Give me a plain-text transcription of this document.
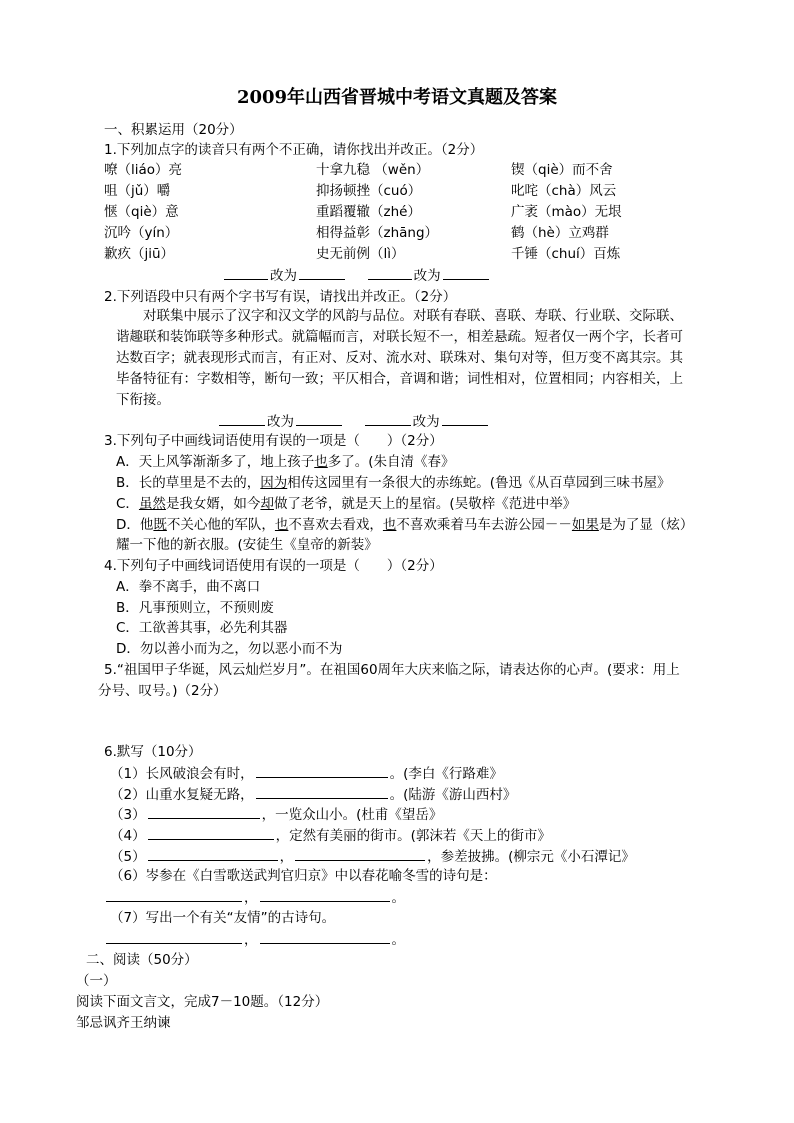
2009年山西省晋城中考语文真题及答案
一、积累运用（20分）
1.下列加点字的读音只有两个不正确，请你找出并改正。（2分）
嘹（liáo）亮	十拿九稳 （wěn）	锲（qiè）而不舍
咀（jǔ）嚼	抑扬顿挫（cuó）	叱咤（chà）风云
惬（qiè）意	重蹈覆辙（zhé）	广袤（mào）无垠
沉吟（yín）	相得益彰（zhāng）	鹤（hè）立鸡群
歉疚（jiū）	史无前例（lì）	千锤（chuí）百炼
改为	改为
2.下列语段中只有两个字书写有误，请找出并改正。（2分）
对联集中展示了汉字和汉文学的风韵与品位。对联有春联、喜联、寿联、行业联、交际联、
谐趣联和装饰联等多种形式。就篇幅而言，对联长短不一，相差悬疏。短者仅一两个字，长者可
达数百字；就表现形式而言，有正对、反对、流水对、联珠对、集句对等，但万变不离其宗。其
毕备特征有：字数相等，断句一致；平仄相合，音调和谐；词性相对，位置相同；内容相关，上
下衔接。
改为	改为
3.下列句子中画线词语使用有误的一项是（　　）（2分）
A．天上风筝渐渐多了，地上孩子也多了。(朱自清《春》
B．长的草里是不去的，因为相传这园里有一条很大的赤练蛇。(鲁迅《从百草园到三味书屋》
C．虽然是我女婿，如今却做了老爷，就是天上的星宿。(吴敬梓《范进中举》
D．他既不关心他的军队，也不喜欢去看戏，也不喜欢乘着马车去游公园－－如果是为了显（炫）
耀一下他的新衣服。(安徒生《皇帝的新装》
4.下列句子中画线词语使用有误的一项是（　　）（2分）
A．拳不离手，曲不离口
B．凡事预则立，不预则废
C．工欲善其事，必先利其器
D．勿以善小而为之，勿以恶小而不为
5.“祖国甲子华诞，风云灿烂岁月”。在祖国60周年大庆来临之际，请表达你的心声。(要求：用上
分号、叹号。)（2分）
6.默写（10分）
（1）长风破浪会有时，	。(李白《行路难》
（2）山重水复疑无路，	。(陆游《游山西村》
（3）	，一览众山小。(杜甫《望岳》
（4）	，定然有美丽的街市。(郭沫若《天上的街市》
（5）	，	，参差披拂。(柳宗元《小石潭记》
（6）岑参在《白雪歌送武判官归京》中以春花喻冬雪的诗句是：
，	。
（7）写出一个有关“友情”的古诗句。
，	。
二、阅读（50分）
（一）
阅读下面文言文，完成7－10题。（12分）
邹忌讽齐王纳谏
